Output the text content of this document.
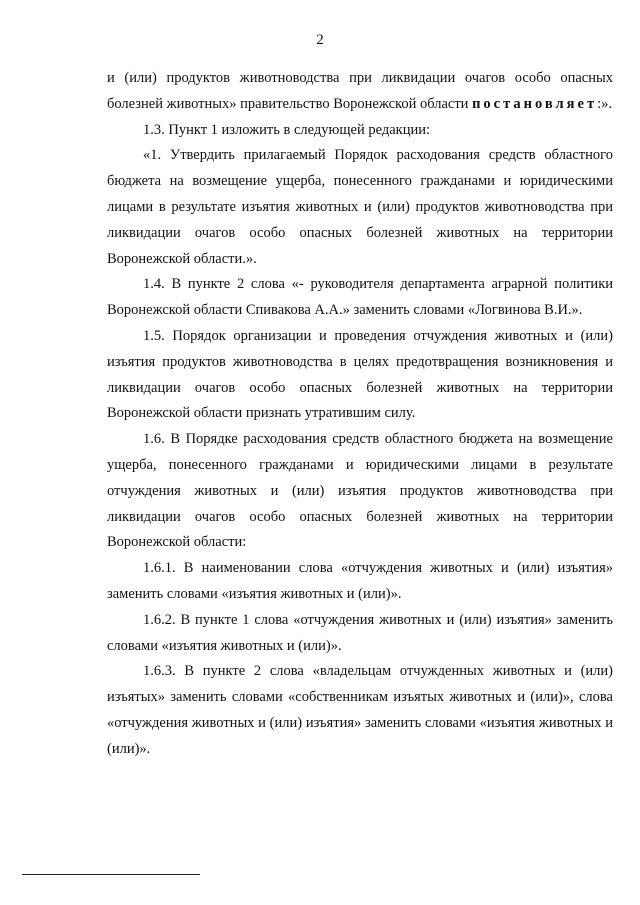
2

и (или) продуктов животноводства при ликвидации очагов особо опасных болезней животных» правительство Воронежской области постановляет:».

1.3. Пункт 1 изложить в следующей редакции:

«1. Утвердить прилагаемый Порядок расходования средств областного бюджета на возмещение ущерба, понесенного гражданами и юридическими лицами в результате изъятия животных и (или) продуктов животноводства при ликвидации очагов особо опасных болезней животных на территории Воронежской области.».

1.4. В пункте 2 слова «- руководителя департамента аграрной политики Воронежской области Спивакова А.А.» заменить словами «Логвинова В.И.».

1.5. Порядок организации и проведения отчуждения животных и (или) изъятия продуктов животноводства в целях предотвращения возникновения и ликвидации очагов особо опасных болезней животных на территории Воронежской области признать утратившим силу.

1.6. В Порядке расходования средств областного бюджета на возмещение ущерба, понесенного гражданами и юридическими лицами в результате отчуждения животных и (или) изъятия продуктов животноводства при ликвидации очагов особо опасных болезней животных на территории Воронежской области:

1.6.1. В наименовании слова «отчуждения животных и (или) изъятия» заменить словами «изъятия животных и (или)».

1.6.2. В пункте 1 слова «отчуждения животных и (или) изъятия» заменить словами «изъятия животных и (или)».

1.6.3. В пункте 2 слова «владельцам отчужденных животных и (или) изъятых» заменить словами «собственникам изъятых животных и (или)», слова «отчуждения животных и (или) изъятия» заменить словами «изъятия животных и (или)».
